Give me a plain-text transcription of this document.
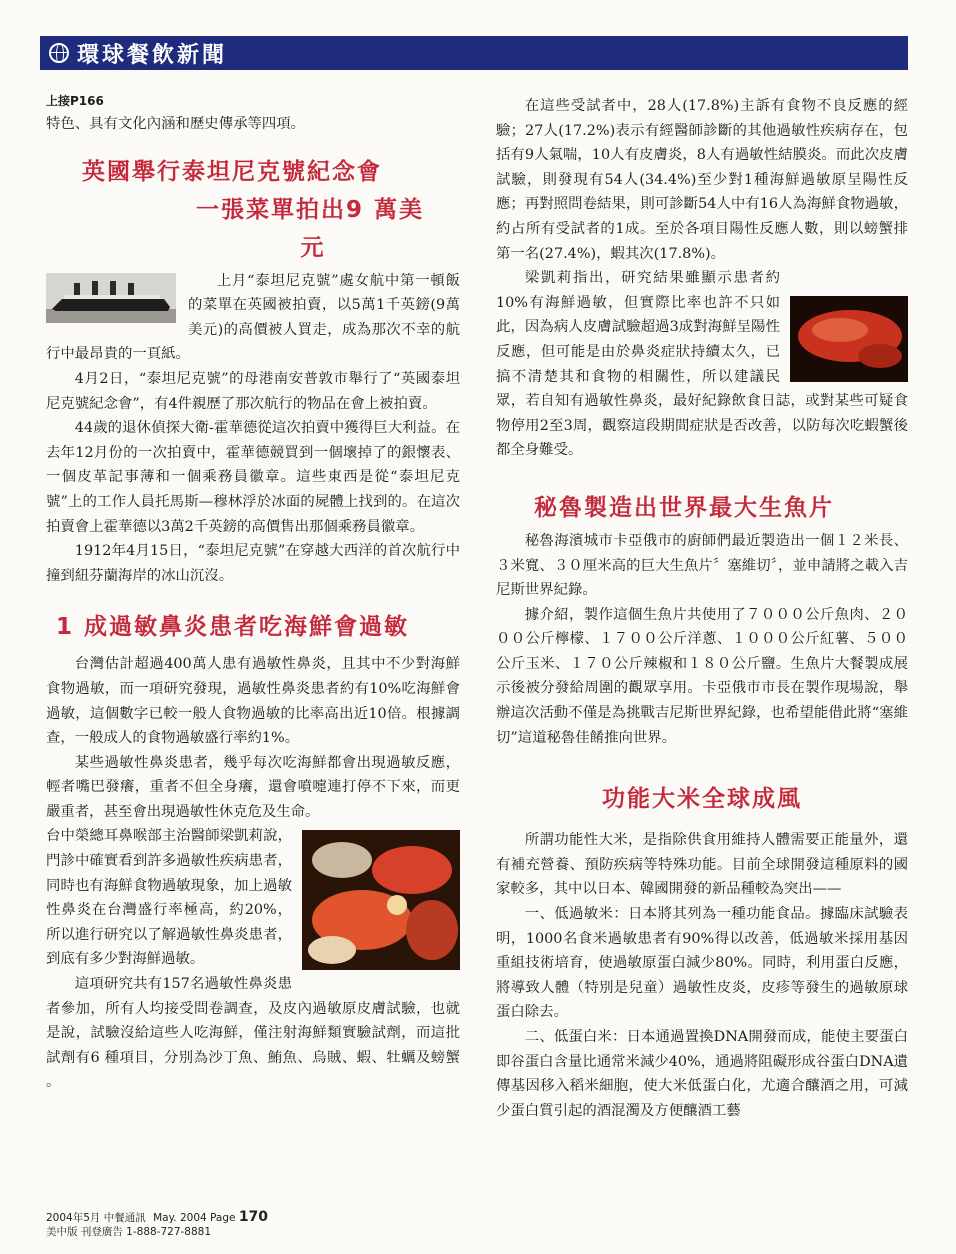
環球餐飲新聞
上接P166

特色、具有文化內涵和歷史傳承等四項。

英國舉行泰坦尼克號紀念會
一張菜單拍出9 萬美
元

上月“泰坦尼克號”處女航中第一頓飯的菜單在英國被拍賣，以5萬1千英鎊(9萬美元)的高價被人買走，成為那次不幸的航行中最昂貴的一頁紙。

4月2日，“泰坦尼克號”的母港南安普敦市舉行了“英國泰坦尼克號紀念會”，有4件親歷了那次航行的物品在會上被拍賣。

44歲的退休偵探大衛-霍華德從這次拍賣中獲得巨大利益。在去年12月份的一次拍賣中，霍華德競買到一個壞掉了的銀懷表、一個皮革記事薄和一個乘務員徽章。這些東西是從“泰坦尼克號”上的工作人員托馬斯—穆林浮於冰面的屍體上找到的。在這次拍賣會上霍華德以3萬2千英鎊的高價售出那個乘務員徽章。

1912年4月15日，“泰坦尼克號”在穿越大西洋的首次航行中撞到紐芬蘭海岸的冰山沉沒。

1 成過敏鼻炎患者吃海鮮會過敏

台灣估計超過400萬人患有過敏性鼻炎，且其中不少對海鮮食物過敏，而一項研究發現，過敏性鼻炎患者約有10%吃海鮮會過敏，這個數字已較一般人食物過敏的比率高出近10倍。根據調查，一般成人的食物過敏盛行率約1%。

某些過敏性鼻炎患者，幾乎每次吃海鮮都會出現過敏反應，輕者嘴巴發癢，重者不但全身癢，還會噴嚏連打停不下來，而更嚴重者，甚至會出現過敏性休克危及生命。

台中榮總耳鼻喉部主治醫師梁凱莉說，門診中確實看到許多過敏性疾病患者，同時也有海鮮食物過敏現象，加上過敏性鼻炎在台灣盛行率極高，約20%，所以進行研究以了解過敏性鼻炎患者，到底有多少對海鮮過敏。

這項研究共有157名過敏性鼻炎患者參加，所有人均接受問卷調查，及皮內過敏原皮膚試驗，也就是說，試驗沒給這些人吃海鮮，僅注射海鮮類實驗試劑，而這批試劑有6 種項目，分別為沙丁魚、鮪魚、烏賊、蝦、牡蠣及螃蟹 。

在這些受試者中，28人(17.8%)主訴有食物不良反應的經驗；27人(17.2%)表示有經醫師診斷的其他過敏性疾病存在，包括有9人氣喘，10人有皮膚炎，8人有過敏性結膜炎。而此次皮膚試驗，則發現有54人(34.4%)至少對1種海鮮過敏原呈陽性反應；再對照問卷結果，則可診斷54人中有16人為海鮮食物過敏，約占所有受試者的1成。至於各項目陽性反應人數，則以螃蟹排第一名(27.4%)，蝦其次(17.8%)。

梁凱莉指出，研究結果雖顯示患者約10%有海鮮過敏，但實際比率也許不只如此，因為病人皮膚試驗超過3成對海鮮呈陽性反應，但可能是由於鼻炎症狀持續太久，已搞不清楚其和食物的相關性，所以建議民眾，若自知有過敏性鼻炎，最好紀錄飲食日誌，或對某些可疑食物停用2至3周，觀察這段期間症狀是否改善，以防每次吃蝦蟹後都全身難受。

秘魯製造出世界最大生魚片

秘魯海濱城市卡亞俄市的廚師們最近製造出一個１２米長、３米寬、３０厘米高的巨大生魚片〞塞維切〞，並申請將之載入吉尼斯世界紀錄。

據介紹，製作這個生魚片共使用了７０００公斤魚肉、２０００公斤檸檬、１７００公斤洋蔥、１０００公斤紅薯、５００公斤玉米、１７０公斤辣椒和１８０公斤鹽。生魚片大餐製成展示後被分發給周圍的觀眾享用。卡亞俄市市長在製作現場說，舉辦這次活動不僅是為挑戰吉尼斯世界紀錄，也希望能借此將“塞維切”這道秘魯佳餚推向世界。

功能大米全球成風

所謂功能性大米，是指除供食用維持人體需要正能量外，還有補充營養、預防疾病等特殊功能。目前全球開發這種原料的國家較多，其中以日本、韓國開發的新品種較為突出——

一、低過敏米：日本將其列為一種功能食品。據臨床試驗表明，1000名食米過敏患者有90%得以改善，低過敏米採用基因重組技術培育，使過敏原蛋白減少80%。同時，利用蛋白反應，將導致人體（特別是兒童）過敏性皮炎，皮疹等發生的過敏原球蛋白除去。

二、低蛋白米：日本通過置換DNA開發而成，能使主要蛋白即谷蛋白含量比通常米減少40%，通過將阻礙形成谷蛋白DNA遺傳基因移入稻米細胞，使大米低蛋白化，尤適合釀酒之用，可減少蛋白質引起的酒混濁及方便釀酒工藝

2004年5月 中餐通訊 May. 2004 Page 170
美中版 刊登廣告 1-888-727-8881
